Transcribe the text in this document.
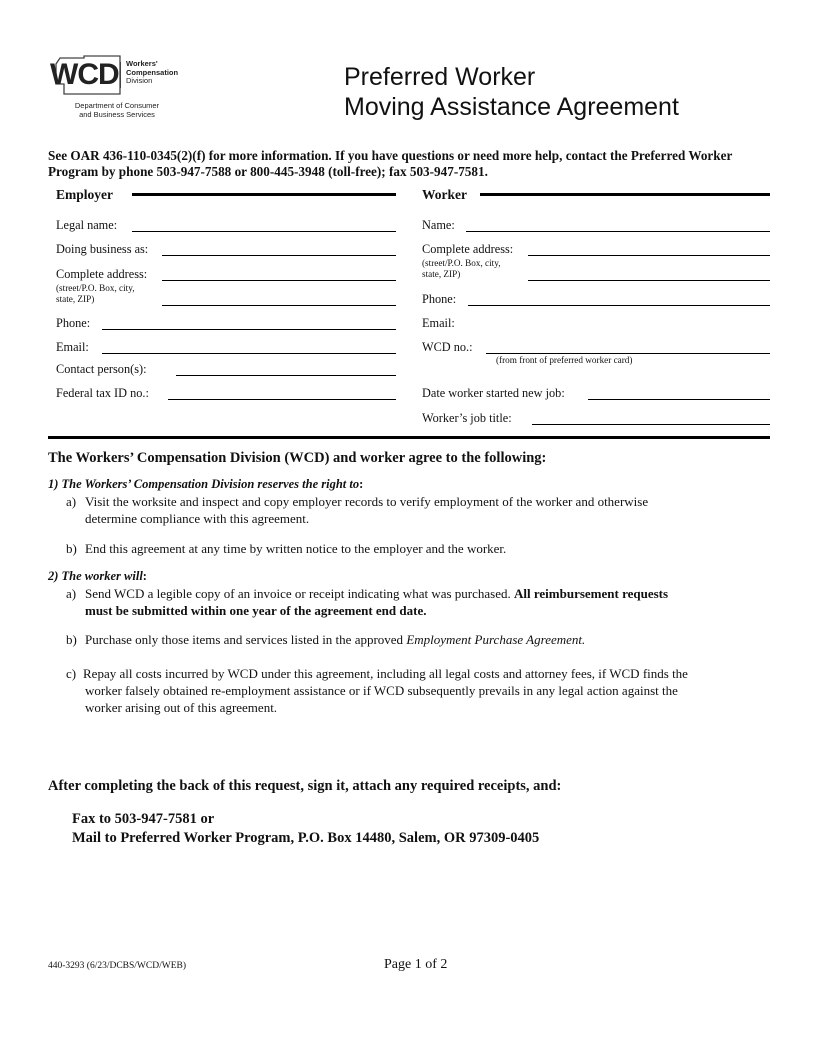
WCD Workers'
Compensation
Division
Department of Consumer
and Business Services
Preferred Worker
Moving Assistance Agreement
See OAR 436-110-0345(2)(f) for more information. If you have questions or need more help, contact the Preferred Worker Program by phone 503-947-7588 or 800-445-3948 (toll-free); fax 503-947-7581.
Employer
Legal name:
Doing business as:
Complete address:
(street/P.O. Box, city,
state, ZIP)
Phone:
Email:
Contact person(s):
Federal tax ID no.:
Worker
Name:
Complete address:
(street/P.O. Box, city,
state, ZIP)
Phone:
Email:
WCD no.:
(from front of preferred worker card)
Date worker started new job:
Worker’s job title:
The Workers’ Compensation Division (WCD) and worker agree to the following:
1) The Workers’ Compensation Division reserves the right to:
a) Visit the worksite and inspect and copy employer records to verify employment of the worker and otherwise
determine compliance with this agreement.
b) End this agreement at any time by written notice to the employer and the worker.
2) The worker will:
a) Send WCD a legible copy of an invoice or receipt indicating what was purchased. All reimbursement requests
must be submitted within one year of the agreement end date.
b) Purchase only those items and services listed in the approved Employment Purchase Agreement.
c) Repay all costs incurred by WCD under this agreement, including all legal costs and attorney fees, if WCD finds the
worker falsely obtained re-employment assistance or if WCD subsequently prevails in any legal action against the
worker arising out of this agreement.
After completing the back of this request, sign it, attach any required receipts, and:
Fax to 503-947-7581 or
Mail to Preferred Worker Program, P.O. Box 14480, Salem, OR 97309-0405
440-3293 (6/23/DCBS/WCD/WEB)	Page 1 of 2
